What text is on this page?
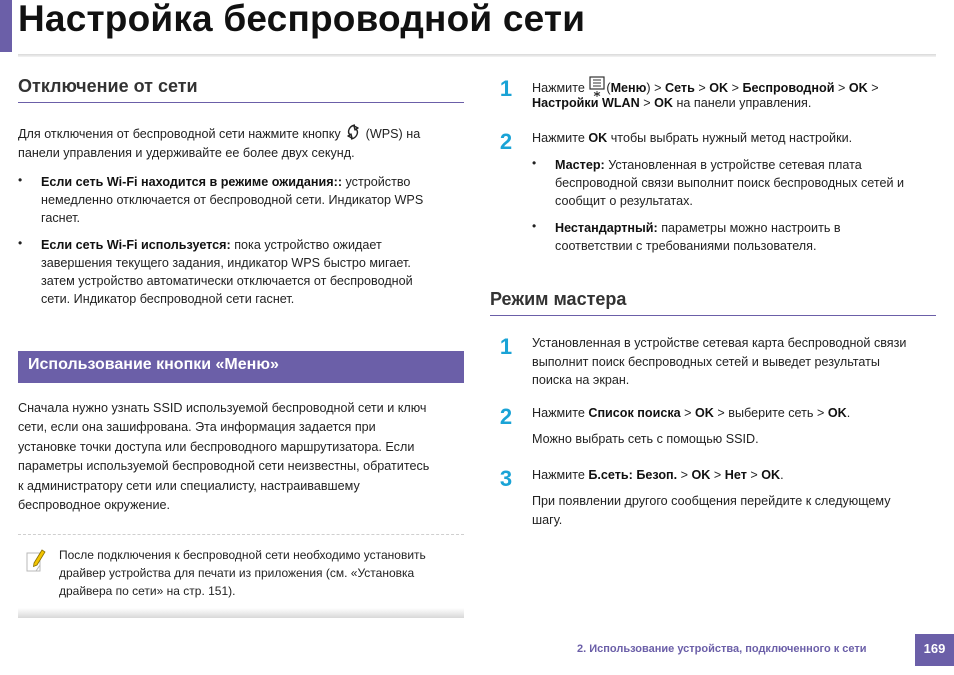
Настройка беспроводной сети
Отключение от сети
Для отключения от беспроводной сети нажмите кнопку (WPS) на
панели управления и удерживайте ее более двух секунд.
• Если сеть Wi-Fi находится в режиме ожидания:: устройство
немедленно отключается от беспроводной сети. Индикатор WPS
гаснет.
• Если сеть Wi-Fi используется: пока устройство ожидает
завершения текущего задания, индикатор WPS быстро мигает.
затем устройство автоматически отключается от беспроводной
сети. Индикатор беспроводной сети гаснет.
Использование кнопки «Меню»
Сначала нужно узнать SSID используемой беспроводной сети и ключ
сети, если она зашифрована. Эта информация задается при
установке точки доступа или беспроводного маршрутизатора. Если
параметры используемой беспроводной сети неизвестны, обратитесь
к администратору сети или специалисту, настраивавшему
беспроводное окружение.
После подключения к беспроводной сети необходимо установить
драйвер устройства для печати из приложения (см. «Установка
драйвера по сети» на стр. 151).
1	Нажмите (Меню) > Сеть > OK > Беспроводной > OK >
Настройки WLAN > OK на панели управления.
2	Нажмите OK чтобы выбрать нужный метод настройки.
• Мастер: Установленная в устройстве сетевая плата
беспроводной связи выполнит поиск беспроводных сетей и
сообщит о результатах.
• Нестандартный: параметры можно настроить в
соответствии с требованиями пользователя.
Режим мастера
1	Установленная в устройстве сетевая карта беспроводной связи
выполнит поиск беспроводных сетей и выведет результаты
поиска на экран.
2	Нажмите Список поиска > OK > выберите сеть > OK.
Можно выбрать сеть с помощью SSID.
3	Нажмите Б.сеть: Безоп. > OK > Нет > OK.
При появлении другого сообщения перейдите к следующему
шагу.
2. Использование устройства, подключенного к сети	169
